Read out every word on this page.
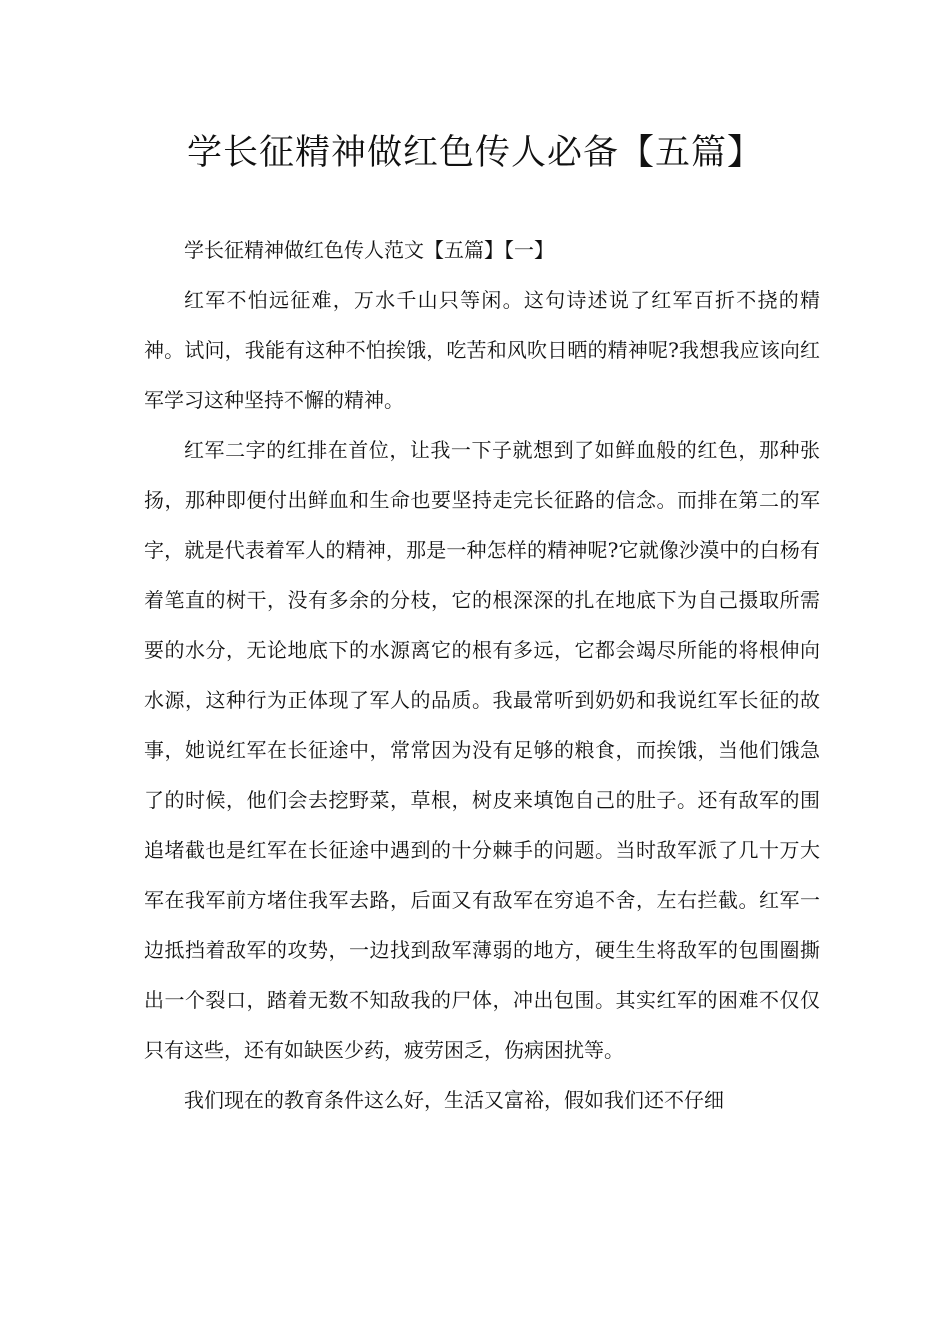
学长征精神做红色传人必备【五篇】

学长征精神做红色传人范文【五篇】【一】

红军不怕远征难，万水千山只等闲。这句诗述说了红军百折不挠的精神。试问，我能有这种不怕挨饿，吃苦和风吹日晒的精神呢?我想我应该向红军学习这种坚持不懈的精神。

红军二字的红排在首位，让我一下子就想到了如鲜血般的红色，那种张扬，那种即便付出鲜血和生命也要坚持走完长征路的信念。而排在第二的军字，就是代表着军人的精神，那是一种怎样的精神呢?它就像沙漠中的白杨有着笔直的树干，没有多余的分枝，它的根深深的扎在地底下为自己摄取所需要的水分，无论地底下的水源离它的根有多远，它都会竭尽所能的将根伸向水源，这种行为正体现了军人的品质。我最常听到奶奶和我说红军长征的故事，她说红军在长征途中，常常因为没有足够的粮食，而挨饿，当他们饿急了的时候，他们会去挖野菜，草根，树皮来填饱自己的肚子。还有敌军的围追堵截也是红军在长征途中遇到的十分棘手的问题。当时敌军派了几十万大军在我军前方堵住我军去路，后面又有敌军在穷追不舍，左右拦截。红军一边抵挡着敌军的攻势，一边找到敌军薄弱的地方，硬生生将敌军的包围圈撕出一个裂口，踏着无数不知敌我的尸体，冲出包围。其实红军的困难不仅仅只有这些，还有如缺医少药，疲劳困乏，伤病困扰等。

我们现在的教育条件这么好，生活又富裕，假如我们还不仔细
